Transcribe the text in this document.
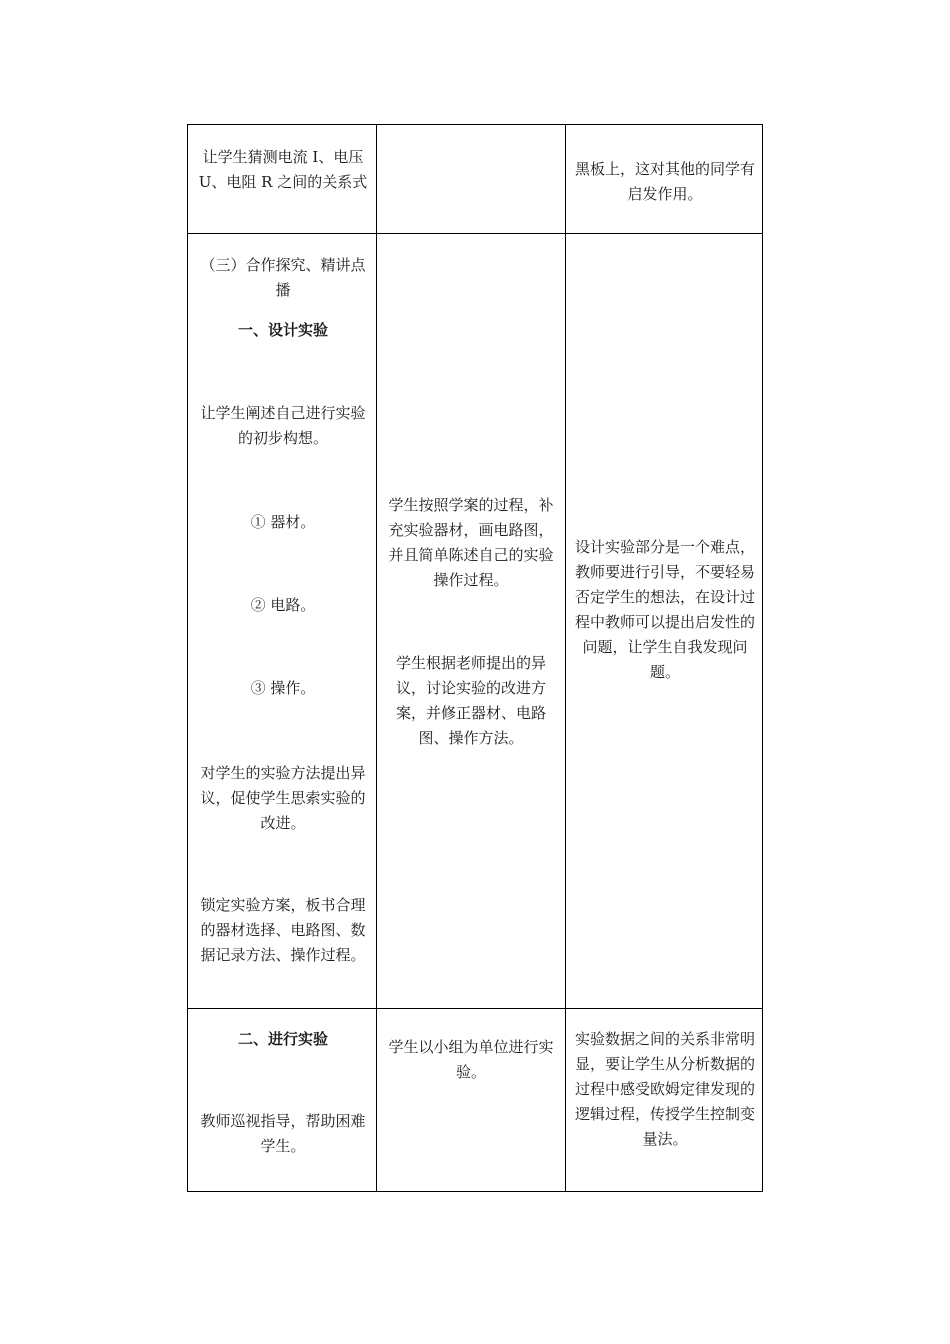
让学生猜测电流 I、电压 U、电阻 R 之间的关系式

黑板上，这对其他的同学有启发作用。

（三）合作探究、精讲点播

一、设计实验

让学生阐述自己进行实验的初步构想。

① 器材。

② 电路。

③ 操作。

对学生的实验方法提出异议，促使学生思索实验的改进。

锁定实验方案，板书合理的器材选择、电路图、数据记录方法、操作过程。

学生按照学案的过程，补充实验器材，画电路图，并且简单陈述自己的实验操作过程。

学生根据老师提出的异议，讨论实验的改进方案，并修正器材、电路图、操作方法。

设计实验部分是一个难点，教师要进行引导，不要轻易否定学生的想法，在设计过程中教师可以提出启发性的问题，让学生自我发现问题。

二、进行实验

教师巡视指导，帮助困难学生。

学生以小组为单位进行实验。

实验数据之间的关系非常明显，要让学生从分析数据的过程中感受欧姆定律发现的逻辑过程，传授学生控制变量法。
